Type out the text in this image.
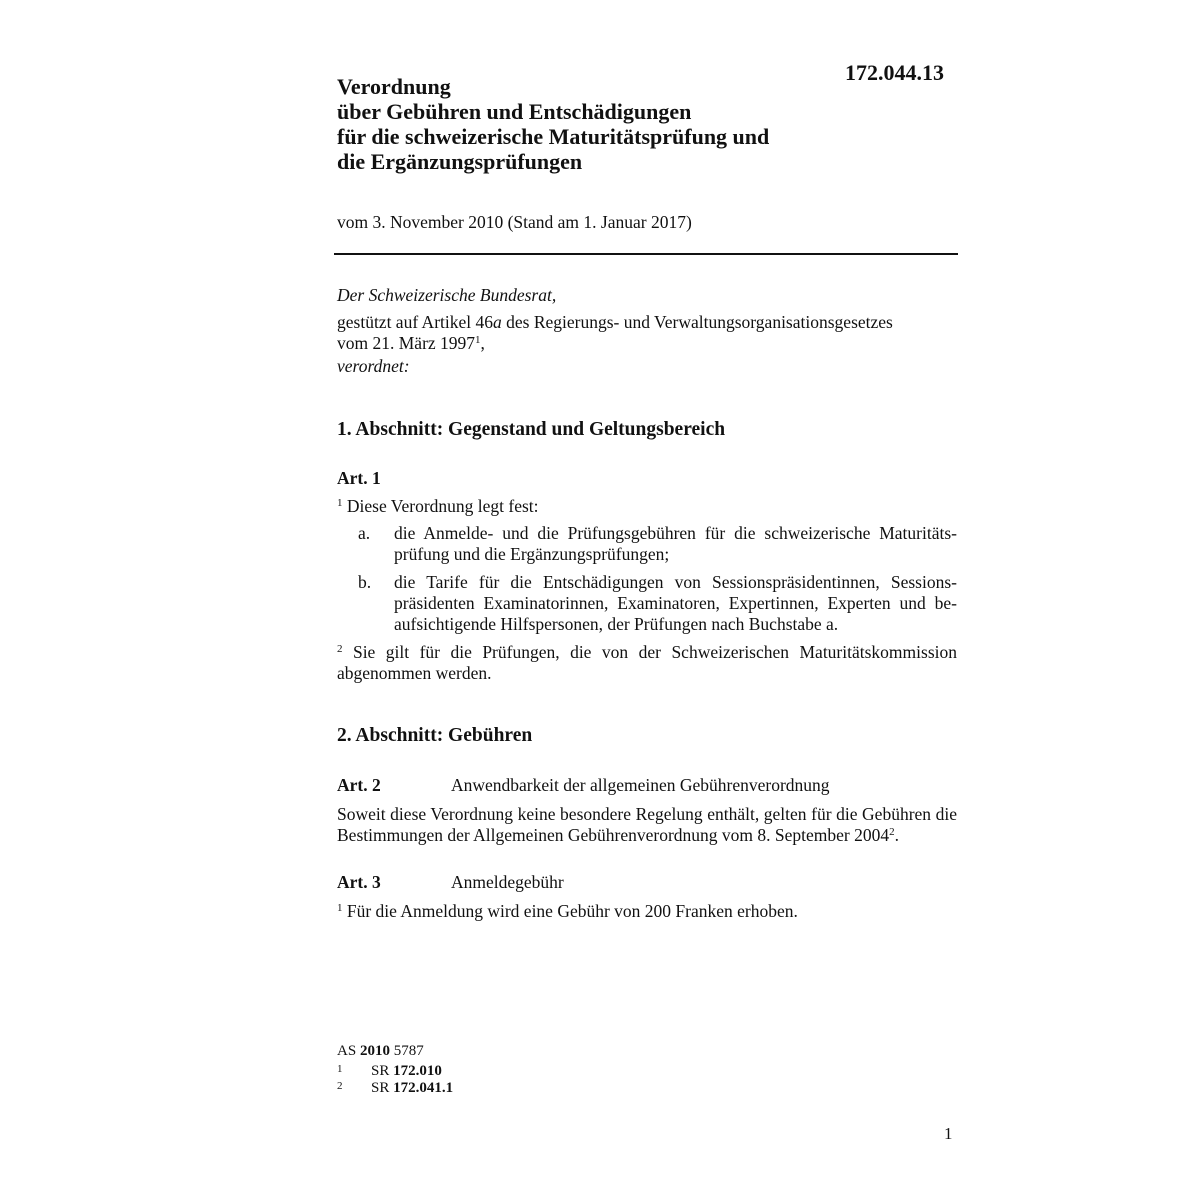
172.044.13
Verordnung
über Gebühren und Entschädigungen
für die schweizerische Maturitätsprüfung und
die Ergänzungsprüfungen
vom 3. November 2010 (Stand am 1. Januar 2017)
Der Schweizerische Bundesrat,
gestützt auf Artikel 46a des Regierungs- und Verwaltungsorganisationsgesetzes
vom 21. März 1997$^1$,
verordnet:
1. Abschnitt: Gegenstand und Geltungsbereich
Art. 1
$^1$ Diese Verordnung legt fest:
a.	die Anmelde- und die Prüfungsgebühren für die schweizerische Maturitäts-prüfung und die Ergänzungsprüfungen;
b.	die Tarife für die Entschädigungen von Sessionspräsidentinnen, Sessions-präsidenten Examinatorinnen, Examinatoren, Expertinnen, Experten und be-aufsichtigende Hilfspersonen, der Prüfungen nach Buchstabe a.
$^2$ Sie gilt für die Prüfungen, die von der Schweizerischen Maturitätskommission abgenommen werden.
2. Abschnitt: Gebühren
Art. 2	Anwendbarkeit der allgemeinen Gebührenverordnung
Soweit diese Verordnung keine besondere Regelung enthält, gelten für die Gebühren die Bestimmungen der Allgemeinen Gebührenverordnung vom 8. September 2004$^2$.
Art. 3	Anmeldegebühr
$^1$ Für die Anmeldung wird eine Gebühr von 200 Franken erhoben.
AS 2010 5787
1	SR 172.010
2	SR 172.041.1
1
